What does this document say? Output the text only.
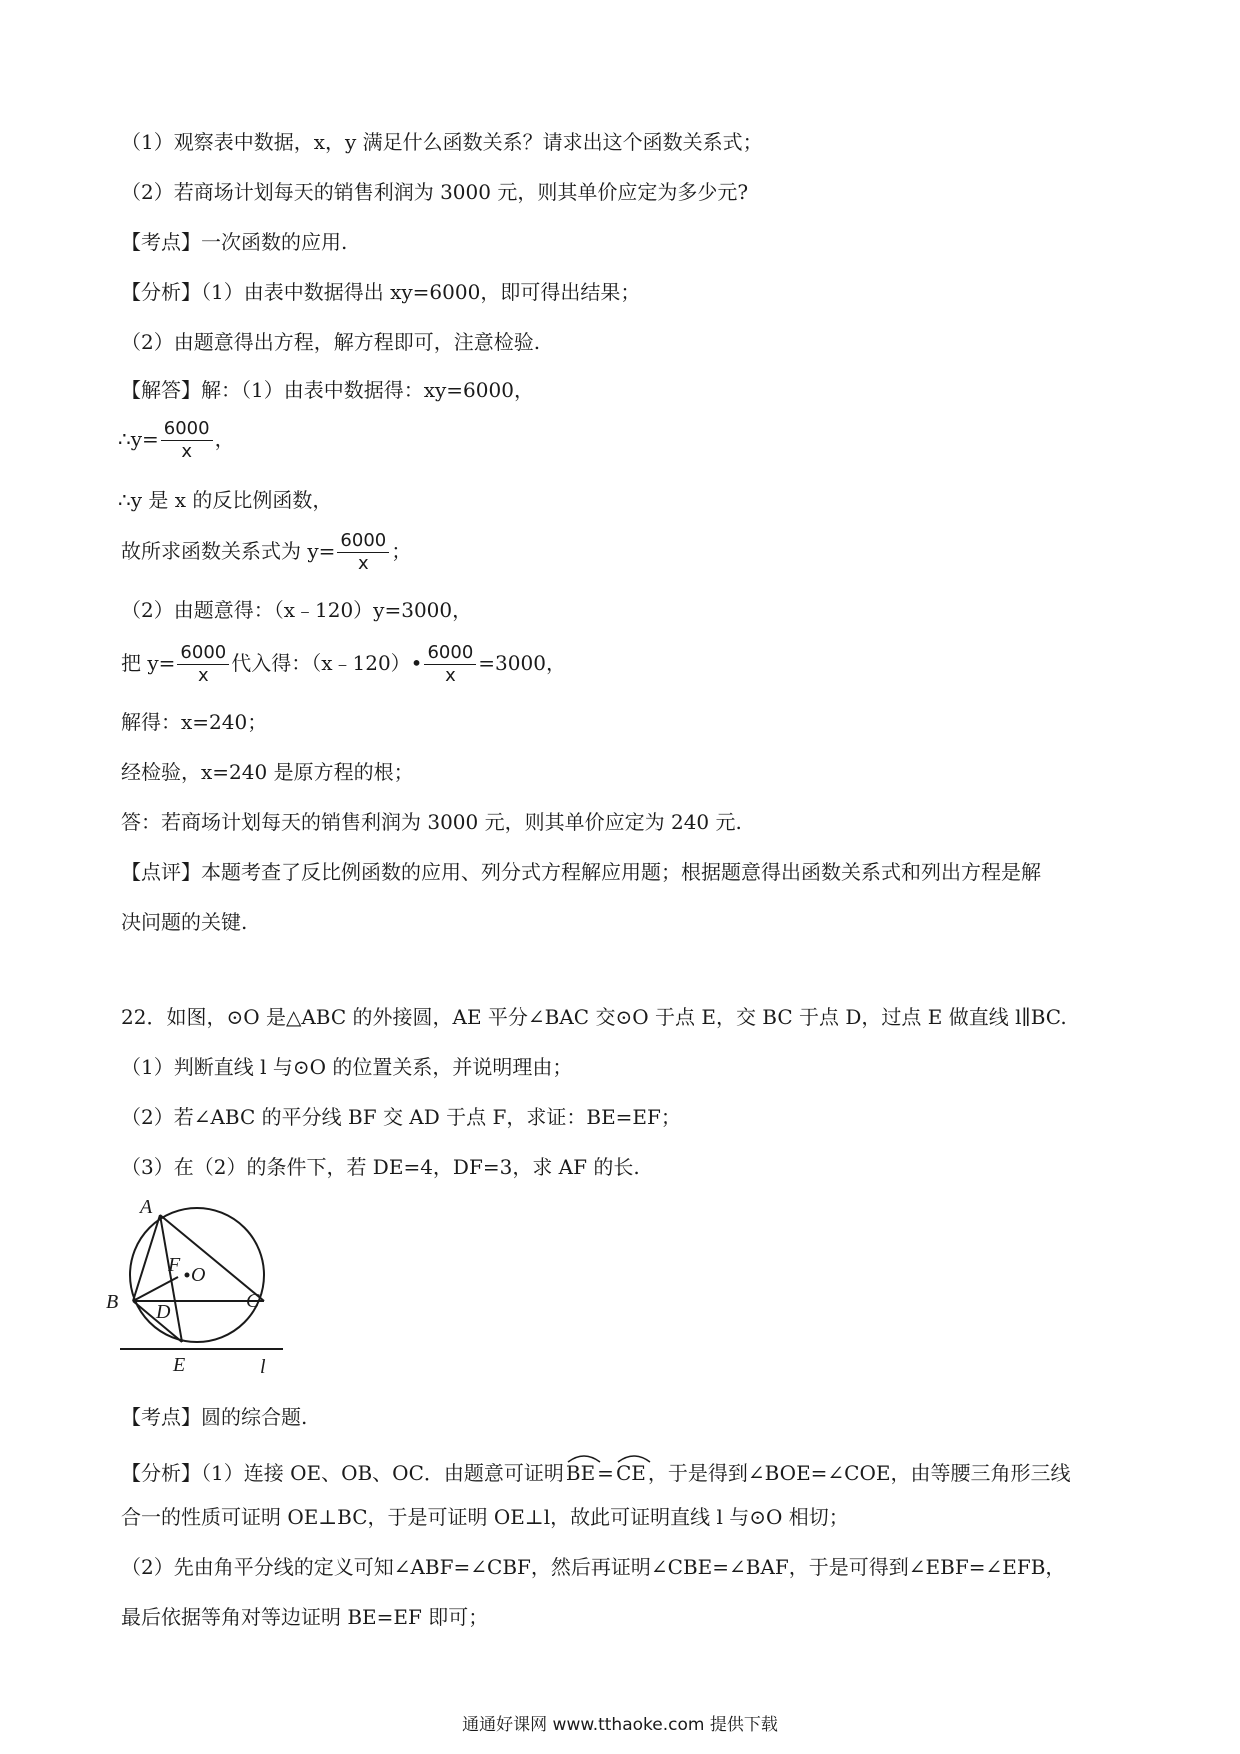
（1）观察表中数据，x，y 满足什么函数关系？请求出这个函数关系式；
（2）若商场计划每天的销售利润为 3000 元，则其单价应定为多少元?
【考点】一次函数的应用.
【分析】（1）由表中数据得出 xy=6000，即可得出结果；
（2）由题意得出方程，解方程即可，注意检验.
【解答】解：（1）由表中数据得：xy=6000，
∴y= $\frac{6000}{x}$ ，
∴y 是 x 的反比例函数，
故所求函数关系式为 $y= \frac{6000}{x}$ ；
（2）由题意得：（x﹣120）y=3000，
把 $y= \frac{6000}{x}$ 代入得：（x﹣120）• $\frac{6000}{x} =3000$，
解得：x=240；
经检验，x=240 是原方程的根；
答：若商场计划每天的销售利润为 3000 元，则其单价应定为 240 元.
【点评】本题考查了反比例函数的应用、列分式方程解应用题；根据题意得出函数关系式和列出方程是解
决问题的关键.
22．如图，⊙O 是△ABC 的外接圆，AE 平分∠BAC 交⊙O 于点 E，交 BC 于点 D，过点 E 做直线 l∥BC.
（1）判断直线 l 与⊙O 的位置关系，并说明理由；
（2）若∠ABC 的平分线 BF 交 AD 于点 F，求证：BE=EF；
（3）在（2）的条件下，若 DE=4，DF=3，求 AF 的长.
A
B	C
D
E
F O
l
【考点】圆的综合题.
【分析】（1）连接 OE、OB、OC．由题意可证明 BE = CE ，于是得到∠BOE=∠COE，由等腰三角形三线
合一的性质可证明 OE⊥BC，于是可证明 OE⊥l，故此可证明直线 l 与⊙O 相切；
（2）先由角平分线的定义可知∠ABF=∠CBF，然后再证明∠CBE=∠BAF，于是可得到∠EBF=∠EFB，
最后依据等角对等边证明 BE=EF 即可；
通通好课网 www.tthaoke.com 提供下载
